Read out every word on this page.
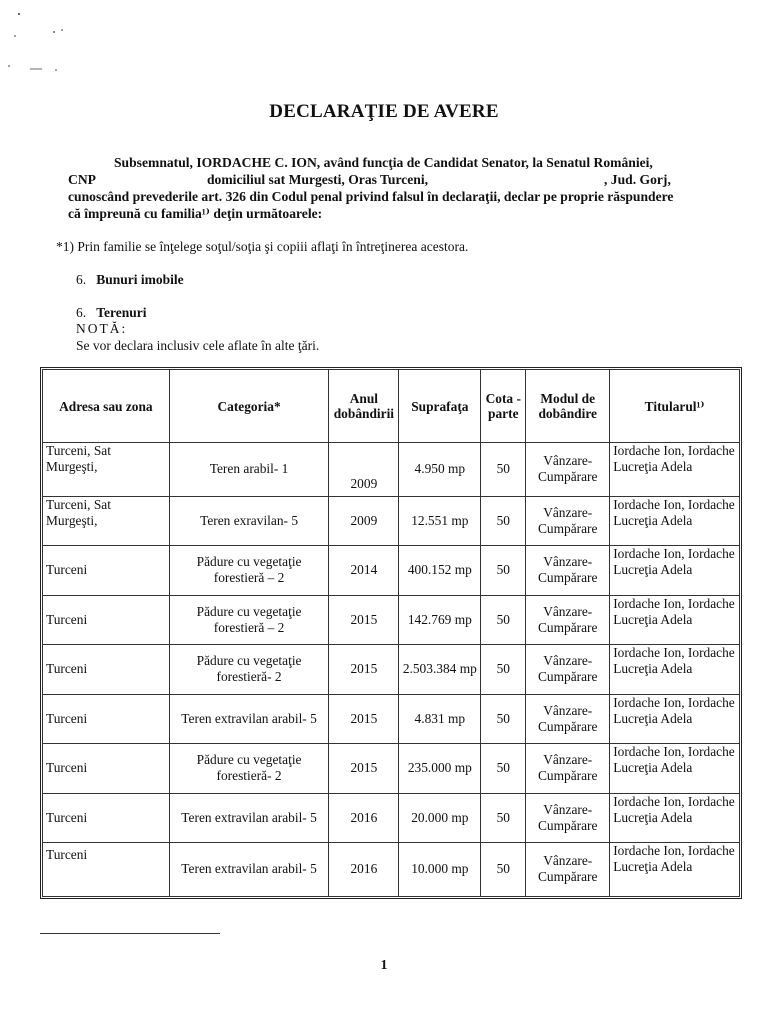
DECLARAŢIE DE AVERE
Subsemnatul, IORDACHE C. ION, având funcţia de Candidat Senator, la Senatul României,
CNP	domiciliul sat Murgesti, Oras Turceni,	, Jud. Gorj,
cunoscând prevederile art. 326 din Codul penal privind falsul în declaraţii, declar pe proprie răspundere
că împreună cu familia¹⁾ deţin următoarele:
*1) Prin familie se înţelege soţul/soţia şi copiii aflaţi în întreţinerea acestora.
6. Bunuri imobile
6. Terenuri
NOTĂ:
Se vor declara inclusiv cele aflate în alte ţări.
Adresa sau zona	Categoria*	Anul dobândirii	Suprafaţa	Cota - parte	Modul de dobândire	Titularul¹⁾
Turceni, Sat Murgeşti,	Teren arabil- 1	2009	4.950 mp	50	Vânzare-Cumpărare	Iordache Ion, Iordache Lucreţia Adela
Turceni, Sat Murgeşti,	Teren exravilan- 5	2009	12.551 mp	50	Vânzare-Cumpărare	Iordache Ion, Iordache Lucreţia Adela
Turceni	Pădure cu vegetaţie forestieră – 2	2014	400.152 mp	50	Vânzare-Cumpărare	Iordache Ion, Iordache Lucreţia Adela
Turceni	Pădure cu vegetaţie forestieră – 2	2015	142.769 mp	50	Vânzare-Cumpărare	Iordache Ion, Iordache Lucreţia Adela
Turceni	Pădure cu vegetaţie forestieră- 2	2015	2.503.384 mp	50	Vânzare-Cumpărare	Iordache Ion, Iordache Lucreţia Adela
Turceni	Teren extravilan arabil- 5	2015	4.831 mp	50	Vânzare-Cumpărare	Iordache Ion, Iordache Lucreţia Adela
Turceni	Pădure cu vegetaţie forestieră- 2	2015	235.000 mp	50	Vânzare-Cumpărare	Iordache Ion, Iordache Lucreţia Adela
Turceni	Teren extravilan arabil- 5	2016	20.000 mp	50	Vânzare-Cumpărare	Iordache Ion, Iordache Lucreţia Adela
Turceni	Teren extravilan arabil- 5	2016	10.000 mp	50	Vânzare-Cumpărare	Iordache Ion, Iordache Lucreţia Adela
1
